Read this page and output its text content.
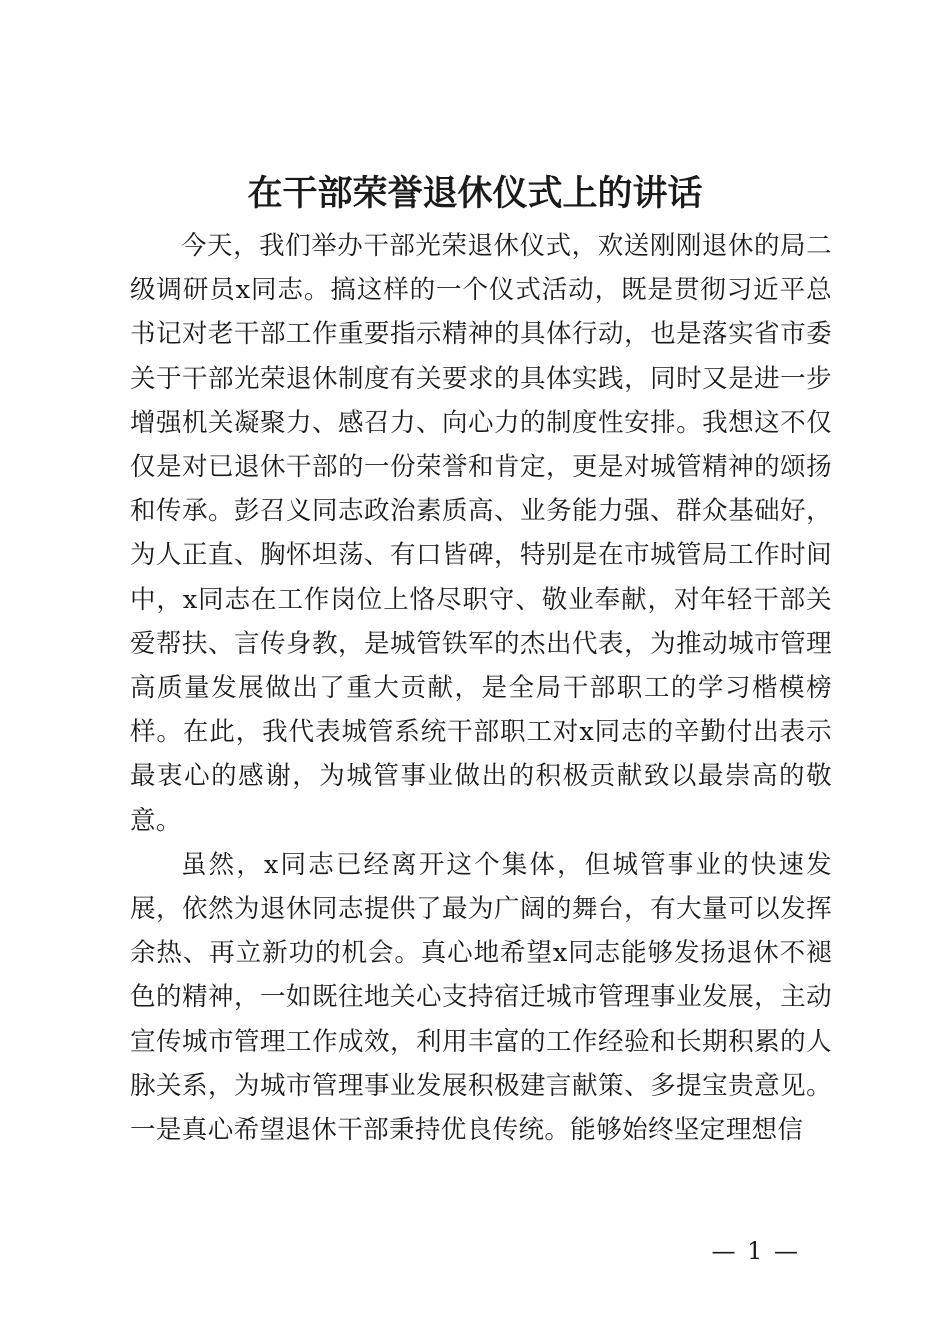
在干部荣誉退休仪式上的讲话

今天，我们举办干部光荣退休仪式，欢送刚刚退休的局二级调研员x同志。搞这样的一个仪式活动，既是贯彻习近平总书记对老干部工作重要指示精神的具体行动，也是落实省市委关于干部光荣退休制度有关要求的具体实践，同时又是进一步增强机关凝聚力、感召力、向心力的制度性安排。我想这不仅仅是对已退休干部的一份荣誉和肯定，更是对城管精神的颂扬和传承。彭召义同志政治素质高、业务能力强、群众基础好，为人正直、胸怀坦荡、有口皆碑，特别是在市城管局工作时间中，x同志在工作岗位上恪尽职守、敬业奉献，对年轻干部关爱帮扶、言传身教，是城管铁军的杰出代表，为推动城市管理高质量发展做出了重大贡献，是全局干部职工的学习楷模榜样。在此，我代表城管系统干部职工对x同志的辛勤付出表示最衷心的感谢，为城管事业做出的积极贡献致以最崇高的敬意。

虽然，x同志已经离开这个集体，但城管事业的快速发展，依然为退休同志提供了最为广阔的舞台，有大量可以发挥余热、再立新功的机会。真心地希望x同志能够发扬退休不褪色的精神，一如既往地关心支持宿迁城市管理事业发展，主动宣传城市管理工作成效，利用丰富的工作经验和长期积累的人脉关系，为城市管理事业发展积极建言献策、多提宝贵意见。一是真心希望退休干部秉持优良传统。能够始终坚定理想信

— 1 —
